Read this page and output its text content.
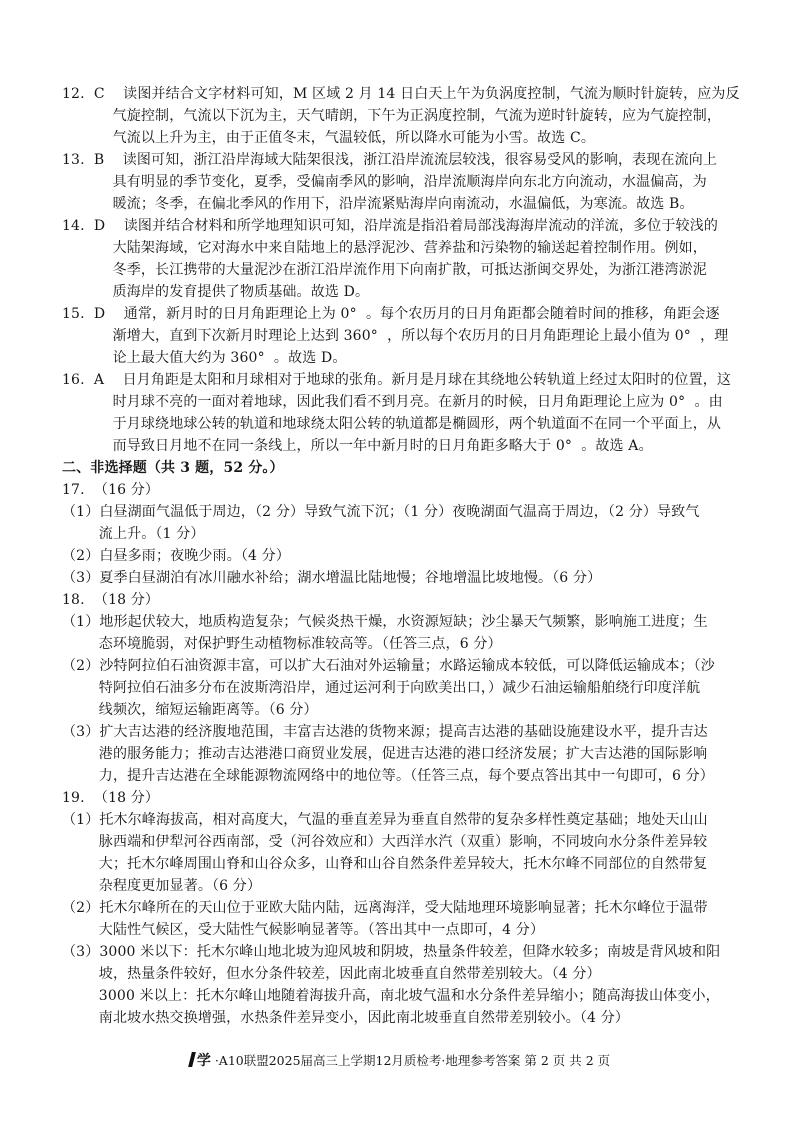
12.  C    读图并结合文字材料可知，M 区域 2 月 14 日白天上午为负涡度控制，气流为顺时针旋转，应为反
气旋控制，气流以下沉为主，天气晴朗，下午为正涡度控制，气流为逆时针旋转，应为气旋控制，
气流以上升为主，由于正值冬末，气温较低，所以降水可能为小雪。故选 C。
13.  B    读图可知，浙江沿岸海域大陆架很浅，浙江沿岸流流层较浅，很容易受风的影响，表现在流向上
具有明显的季节变化，夏季，受偏南季风的影响，沿岸流顺海岸向东北方向流动，水温偏高，为
暖流；冬季，在偏北季风的作用下，沿岸流紧贴海岸向南流动，水温偏低，为寒流。故选 B。
14.  D    读图并结合材料和所学地理知识可知，沿岸流是指沿着局部浅海海岸流动的洋流，多位于较浅的
大陆架海域，它对海水中来自陆地上的悬浮泥沙、营养盐和污染物的输送起着控制作用。例如，
冬季，长江携带的大量泥沙在浙江沿岸流作用下向南扩散，可抵达浙闽交界处，为浙江港湾淤泥
质海岸的发育提供了物质基础。故选 D。
15.  D    通常，新月时的日月角距理论上为 0°  。每个农历月的日月角距都会随着时间的推移，角距会逐
渐增大，直到下次新月时理论上达到 360°  ，所以每个农历月的日月角距理论上最小值为 0°  ，理
论上最大值大约为 360°  。故选 D。
16.  A    日月角距是太阳和月球相对于地球的张角。新月是月球在其绕地公转轨道上经过太阳时的位置，这
时月球不亮的一面对着地球，因此我们看不到月亮。在新月的时候，日月角距理论上应为 0°  。由
于月球绕地球公转的轨道和地球绕太阳公转的轨道都是椭圆形，两个轨道面不在同一个平面上，从
而导致日月地不在同一条线上，所以一年中新月时的日月角距多略大于 0°  。故选 A。
二、非选择题（共 3 题，52 分。）
17.  （16 分）
（1）白昼湖面气温低于周边，（2 分）导致气流下沉；（1 分）夜晚湖面气温高于周边，（2 分）导致气
流上升。（1 分）
（2）白昼多雨；夜晚少雨。（4 分）
（3）夏季白昼湖泊有冰川融水补给；湖水增温比陆地慢；谷地增温比坡地慢。（6 分）
18.  （18 分）
（1）地形起伏较大，地质构造复杂；气候炎热干燥，水资源短缺；沙尘暴天气频繁，影响施工进度；生
态环境脆弱，对保护野生动植物标准较高等。（任答三点，6 分）
（2）沙特阿拉伯石油资源丰富，可以扩大石油对外运输量；水路运输成本较低，可以降低运输成本；（沙
特阿拉伯石油多分布在波斯湾沿岸，通过运河利于向欧美出口，）减少石油运输船舶绕行印度洋航
线频次，缩短运输距离等。（6 分）
（3）扩大吉达港的经济腹地范围，丰富吉达港的货物来源；提高吉达港的基础设施建设水平，提升吉达
港的服务能力；推动吉达港港口商贸业发展，促进吉达港的港口经济发展；扩大吉达港的国际影响
力，提升吉达港在全球能源物流网络中的地位等。（任答三点，每个要点答出其中一句即可，6 分）
19.  （18 分）
（1）托木尔峰海拔高，相对高度大，气温的垂直差异为垂直自然带的复杂多样性奠定基础；地处天山山
脉西端和伊犁河谷西南部，受（河谷效应和）大西洋水汽（双重）影响，不同坡向水分条件差异较
大；托木尔峰周围山脊和山谷众多，山脊和山谷自然条件差异较大，托木尔峰不同部位的自然带复
杂程度更加显著。（6 分）
（2）托木尔峰所在的天山位于亚欧大陆内陆，远离海洋，受大陆地理环境影响显著；托木尔峰位于温带
大陆性气候区，受大陆性气候影响显著等。（答出其中一点即可，4 分）
（3）3000 米以下：托木尔峰山地北坡为迎风坡和阴坡，热量条件较差，但降水较多；南坡是背风坡和阳
坡，热量条件较好，但水分条件较差，因此南北坡垂直自然带差别较大。（4 分）
3000 米以上：托木尔峰山地随着海拔升高，南北坡气温和水分条件差异缩小；随高海拔山体变小，
南北坡水热交换增强，水热条件差异变小，因此南北坡垂直自然带差别较小。（4 分）
学 ·A10联盟2025届高三上学期12月质检考·地理参考答案 第 2 页 共 2 页
